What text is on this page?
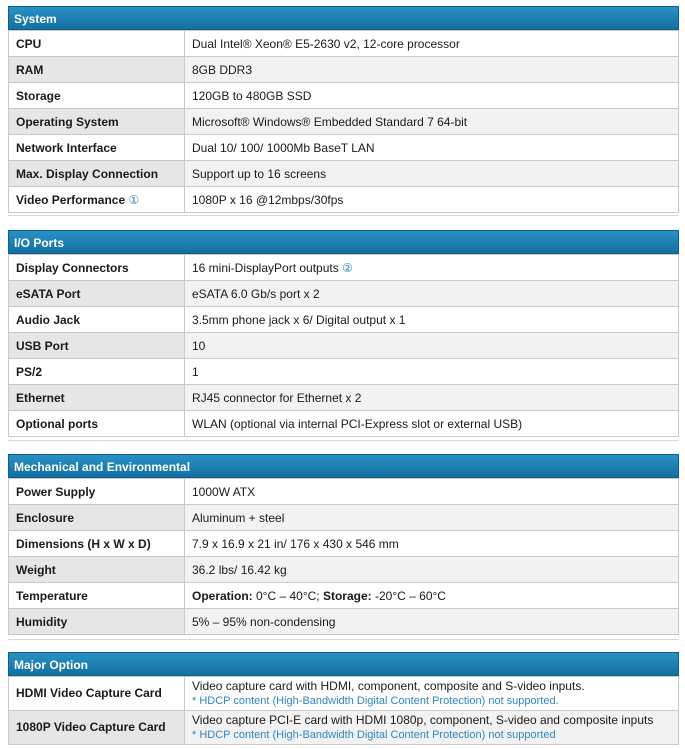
System
CPU	Dual Intel® Xeon® E5-2630 v2, 12-core processor
RAM	8GB DDR3
Storage	120GB to 480GB SSD
Operating System	Microsoft® Windows® Embedded Standard 7 64-bit
Network Interface	Dual 10/ 100/ 1000Mb BaseT LAN
Max. Display Connection	Support up to 16 screens
Video Performance ①	1080P x 16 @12mbps/30fps
I/O Ports
Display Connectors	16 mini-DisplayPort outputs ②
eSATA Port	eSATA 6.0 Gb/s port x 2
Audio Jack	3.5mm phone jack x 6/ Digital output x 1
USB Port	10
PS/2	1
Ethernet	RJ45 connector for Ethernet x 2
Optional ports	WLAN (optional via internal PCI-Express slot or external USB)
Mechanical and Environmental
Power Supply	1000W ATX
Enclosure	Aluminum + steel
Dimensions (H x W x D)	7.9 x 16.9 x 21 in/ 176 x 430 x 546 mm
Weight	36.2 lbs/ 16.42 kg
Temperature	Operation: 0°C – 40°C; Storage: -20°C – 60°C
Humidity	5% – 95% non-condensing
Major Option
HDMI Video Capture Card	Video capture card with HDMI, component, composite and S-video inputs.
* HDCP content (High-Bandwidth Digital Content Protection) not supported.

1080P Video Capture Card	Video capture PCI-E card with HDMI 1080p, component, S-video and composite inputs
* HDCP content (High-Bandwidth Digital Content Protection) not supported
